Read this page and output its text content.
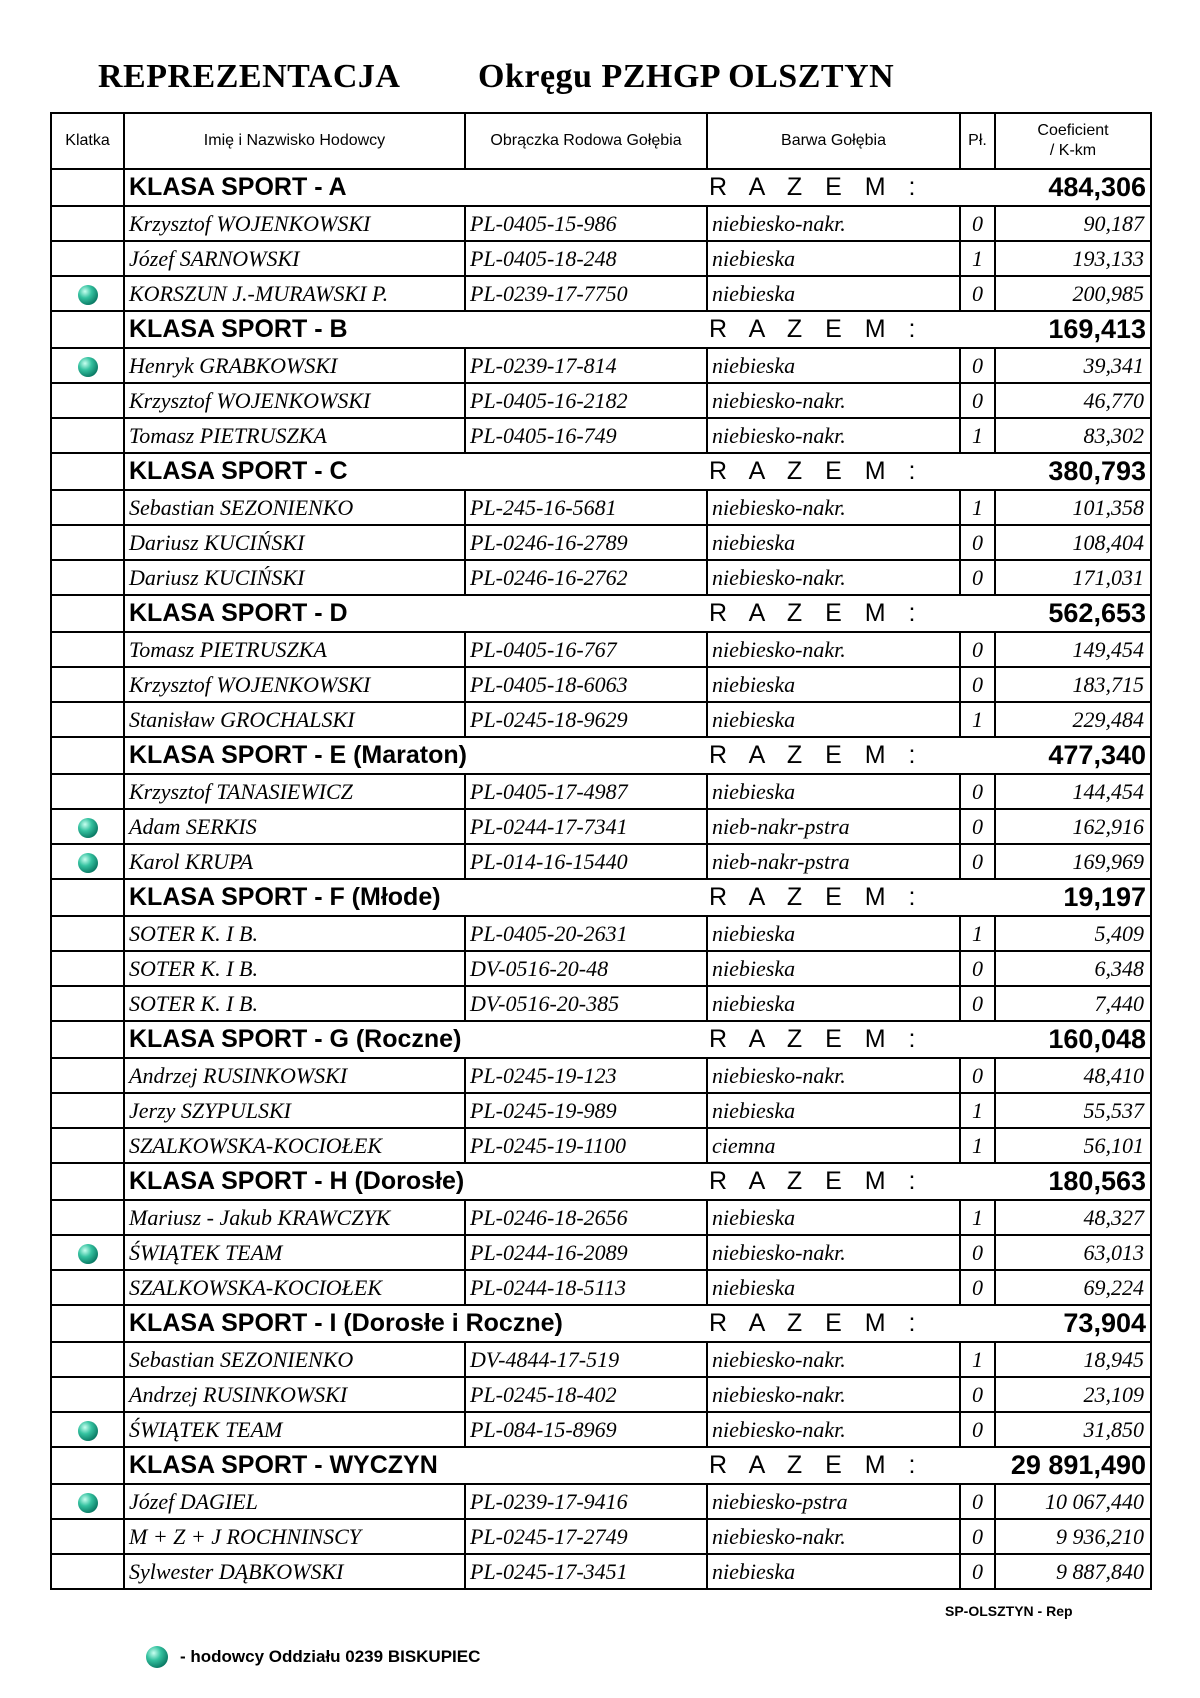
REPREZENTACJA Okręgu PZHGP OLSZTYN
Klatka	Imię i Nazwisko Hodowcy	Obrączka Rodowa Gołębia	Barwa Gołębia	Pł.	Coeficient
/ K-km
	KLASA SPORT - A		R A Z E M :		484,306
	Krzysztof WOJENKOWSKI	PL-0405-15-986	niebiesko-nakr.	0	90,187
	Józef SARNOWSKI	PL-0405-18-248	niebieska	1	193,133
	KORSZUN J.-MURAWSKI P.	PL-0239-17-7750	niebieska	0	200,985
	KLASA SPORT - B		R A Z E M :		169,413
	Henryk GRABKOWSKI	PL-0239-17-814	niebieska	0	39,341
	Krzysztof WOJENKOWSKI	PL-0405-16-2182	niebiesko-nakr.	0	46,770
	Tomasz PIETRUSZKA	PL-0405-16-749	niebiesko-nakr.	1	83,302
	KLASA SPORT - C		R A Z E M :		380,793
	Sebastian SEZONIENKO	PL-245-16-5681	niebiesko-nakr.	1	101,358
	Dariusz KUCIŃSKI	PL-0246-16-2789	niebieska	0	108,404
	Dariusz KUCIŃSKI	PL-0246-16-2762	niebiesko-nakr.	0	171,031
	KLASA SPORT - D		R A Z E M :		562,653
	Tomasz PIETRUSZKA	PL-0405-16-767	niebiesko-nakr.	0	149,454
	Krzysztof WOJENKOWSKI	PL-0405-18-6063	niebieska	0	183,715
	Stanisław GROCHALSKI	PL-0245-18-9629	niebieska	1	229,484
	KLASA SPORT - E (Maraton)		R A Z E M :		477,340
	Krzysztof TANASIEWICZ	PL-0405-17-4987	niebieska	0	144,454
	Adam SERKIS	PL-0244-17-7341	nieb-nakr-pstra	0	162,916
	Karol KRUPA	PL-014-16-15440	nieb-nakr-pstra	0	169,969
	KLASA SPORT - F (Młode)		R A Z E M :		19,197
	SOTER K. I B.	PL-0405-20-2631	niebieska	1	5,409
	SOTER K. I B.	DV-0516-20-48	niebieska	0	6,348
	SOTER K. I B.	DV-0516-20-385	niebieska	0	7,440
	KLASA SPORT - G (Roczne)		R A Z E M :		160,048
	Andrzej RUSINKOWSKI	PL-0245-19-123	niebiesko-nakr.	0	48,410
	Jerzy SZYPULSKI	PL-0245-19-989	niebieska	1	55,537
	SZALKOWSKA-KOCIOŁEK	PL-0245-19-1100	ciemna	1	56,101
	KLASA SPORT - H (Dorosłe)		R A Z E M :		180,563
	Mariusz - Jakub KRAWCZYK	PL-0246-18-2656	niebieska	1	48,327
	ŚWIĄTEK TEAM	PL-0244-16-2089	niebiesko-nakr.	0	63,013
	SZALKOWSKA-KOCIOŁEK	PL-0244-18-5113	niebieska	0	69,224
	KLASA SPORT - I (Dorosłe i Roczne)		R A Z E M :		73,904
	Sebastian SEZONIENKO	DV-4844-17-519	niebiesko-nakr.	1	18,945
	Andrzej RUSINKOWSKI	PL-0245-18-402	niebiesko-nakr.	0	23,109
	ŚWIĄTEK TEAM	PL-084-15-8969	niebiesko-nakr.	0	31,850
	KLASA SPORT - WYCZYN		R A Z E M :		29 891,490
	Józef DAGIEL	PL-0239-17-9416	niebiesko-pstra	0	10 067,440
	M + Z + J ROCHNINSCY	PL-0245-17-2749	niebiesko-nakr.	0	9 936,210
	Sylwester DĄBKOWSKI	PL-0245-17-3451	niebieska	0	9 887,840
SP-OLSZTYN - Rep
- hodowcy Oddziału 0239 BISKUPIEC
